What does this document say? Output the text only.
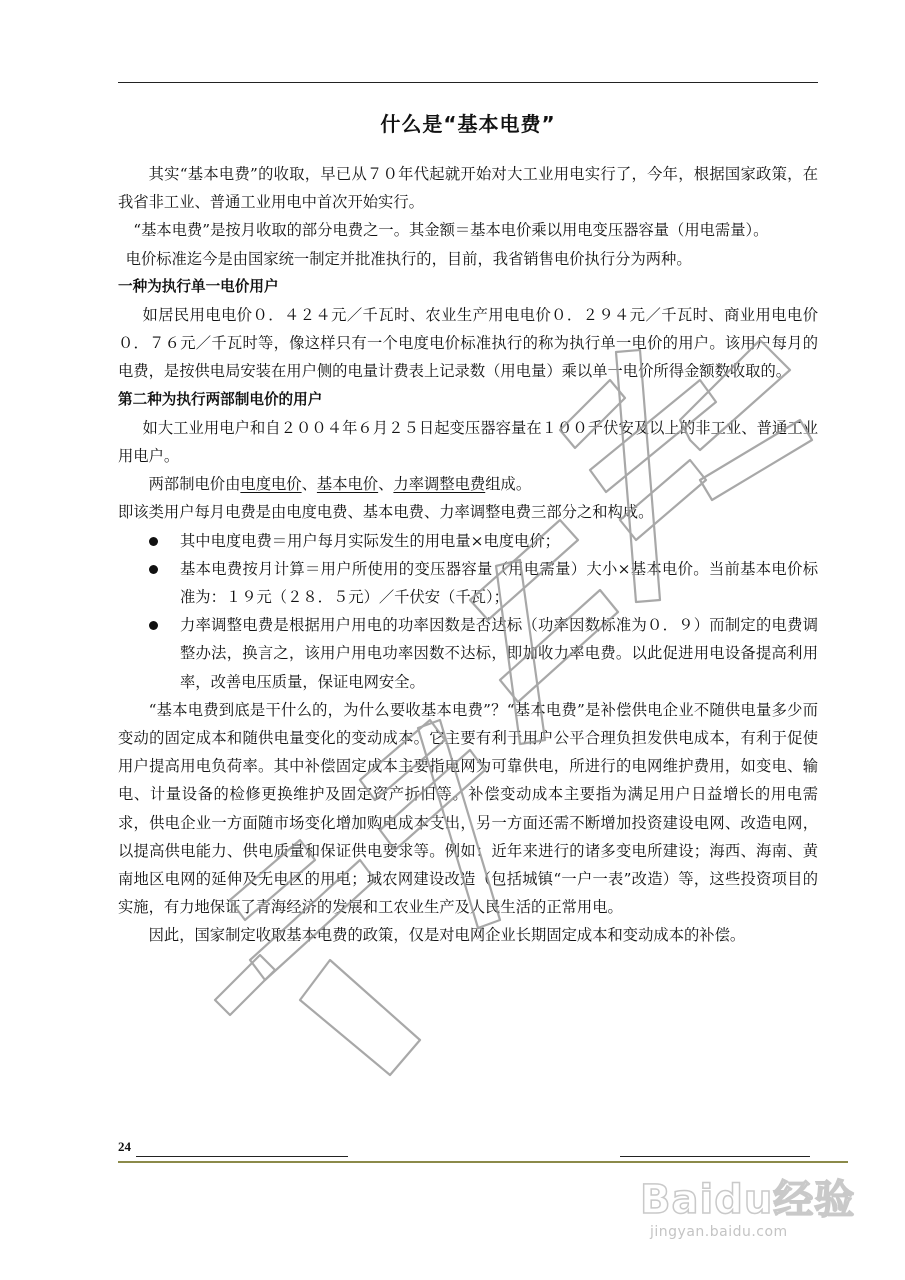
什么是“基本电费”

其实“基本电费”的收取，早已从７０年代起就开始对大工业用电实行了，今年，根据国家政策，在我省非工业、普通工业用电中首次开始实行。

“基本电费”是按月收取的部分电费之一。其金额＝基本电价乘以用电变压器容量（用电需量）。

电价标准迄今是由国家统一制定并批准执行的，目前，我省销售电价执行分为两种。

一种为执行单一电价用户

如居民用电电价０．４２４元／千瓦时、农业生产用电电价０．２９４元／千瓦时、商业用电电价０．７６元／千瓦时等，像这样只有一个电度电价标准执行的称为执行单一电价的用户。该用户每月的电费，是按供电局安装在用户侧的电量计费表上记录数（用电量）乘以单一电价所得金额数收取的。

第二种为执行两部制电价的用户

如大工业用电户和自２００４年６月２５日起变压器容量在１００千伏安及以上的非工业、普通工业用电户。

两部制电价由电度电价、基本电价、力率调整电费组成。

即该类用户每月电费是由电度电费、基本电费、力率调整电费三部分之和构成。

其中电度电费＝用户每月实际发生的用电量×电度电价；
基本电费按月计算＝用户所使用的变压器容量（用电需量）大小×基本电价。当前基本电价标准为：１９元（２８．５元）／千伏安（千瓦）；
力率调整电费是根据用户用电的功率因数是否达标（功率因数标准为０．９）而制定的电费调整办法，换言之，该用户用电功率因数不达标，即加收力率电费。以此促进用电设备提高利用率，改善电压质量，保证电网安全。

“基本电费到底是干什么的，为什么要收基本电费”？“基本电费”是补偿供电企业不随供电量多少而变动的固定成本和随供电量变化的变动成本。它主要有利于用户公平合理负担发供电成本，有利于促使用户提高用电负荷率。其中补偿固定成本主要指电网为可靠供电，所进行的电网维护费用，如变电、输电、计量设备的检修更换维护及固定资产折旧等。补偿变动成本主要指为满足用户日益增长的用电需求，供电企业一方面随市场变化增加购电成本支出，另一方面还需不断增加投资建设电网、改造电网，以提高供电能力、供电质量和保证供电要求等。例如：近年来进行的诸多变电所建设；海西、海南、黄南地区电网的延伸及无电区的用电；城农网建设改造（包括城镇“一户一表”改造）等，这些投资项目的实施，有力地保证了青海经济的发展和工农业生产及人民生活的正常用电。

因此，国家制定收取基本电费的政策，仅是对电网企业长期固定成本和变动成本的补偿。

24
Baidu经验
jingyan.baidu.com
